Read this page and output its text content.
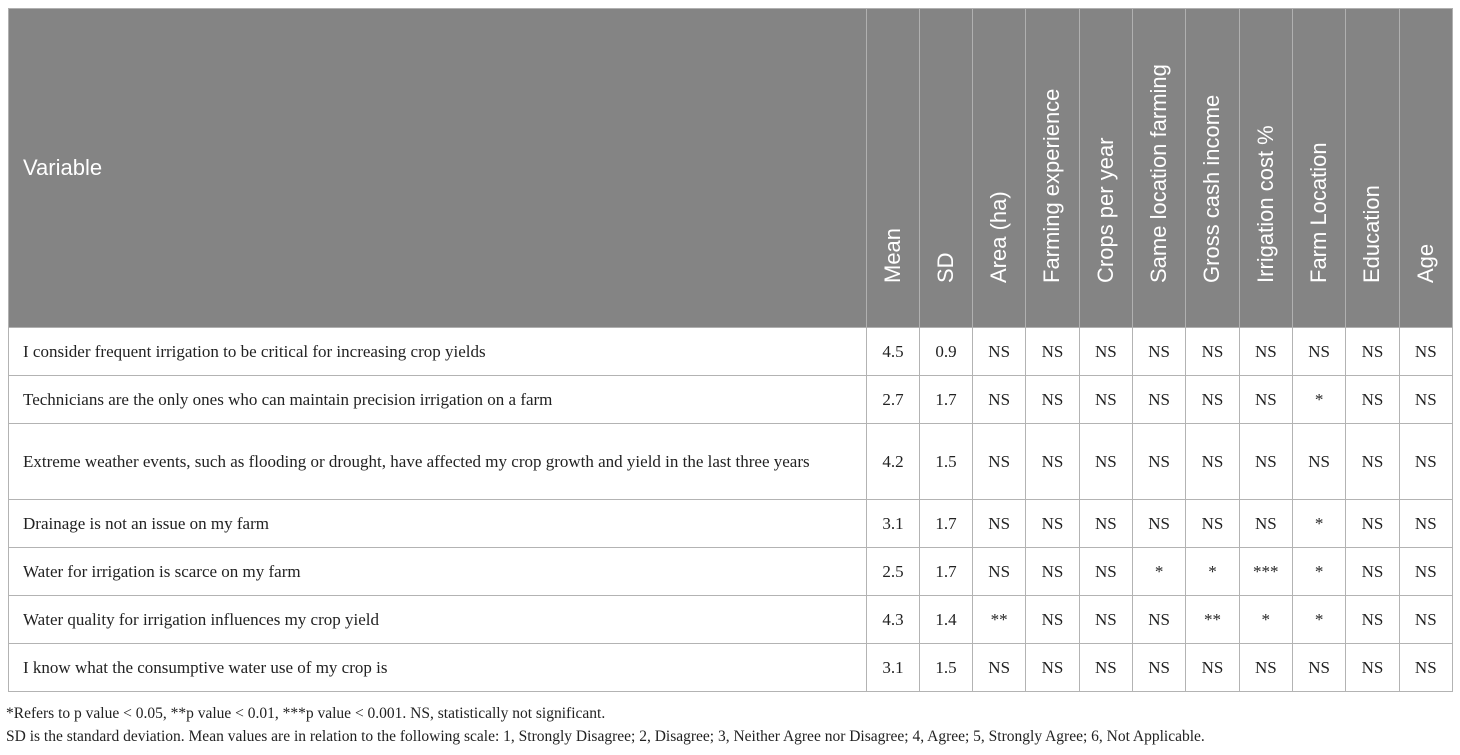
Variable	Mean	SD	Area (ha)	Farming experience	Crops per year	Same location farming	Gross cash income	Irrigation cost %	Farm Location	Education	Age

I consider frequent irrigation to be critical for increasing crop yields	4.5	0.9	NS	NS	NS	NS	NS	NS	NS	NS	NS
Technicians are the only ones who can maintain precision irrigation on a farm	2.7	1.7	NS	NS	NS	NS	NS	NS	*	NS	NS
Extreme weather events, such as flooding or drought, have affected my crop growth and yield in the last three years	4.2	1.5	NS	NS	NS	NS	NS	NS	NS	NS	NS
Drainage is not an issue on my farm	3.1	1.7	NS	NS	NS	NS	NS	NS	*	NS	NS
Water for irrigation is scarce on my farm	2.5	1.7	NS	NS	NS	*	*	***	*	NS	NS
Water quality for irrigation influences my crop yield	4.3	1.4	**	NS	NS	NS	**	*	*	NS	NS
I know what the consumptive water use of my crop is	3.1	1.5	NS	NS	NS	NS	NS	NS	NS	NS	NS
*Refers to p value < 0.05, **p value < 0.01, ***p value < 0.001. NS, statistically not significant.
SD is the standard deviation. Mean values are in relation to the following scale: 1, Strongly Disagree; 2, Disagree; 3, Neither Agree nor Disagree; 4, Agree; 5, Strongly Agree; 6, Not Applicable.
